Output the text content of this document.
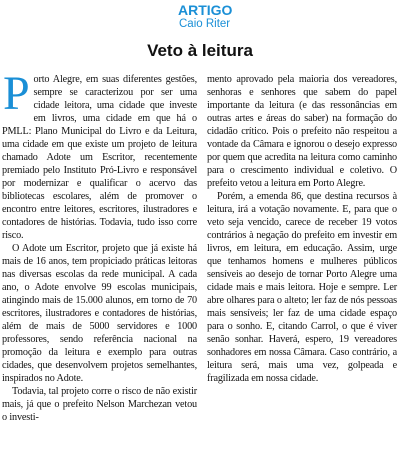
ARTIGO
Caio Riter
Veto à leitura

Porto Alegre, em suas diferentes gestões, sempre se caracterizou por ser uma cidade leitora, uma cidade que investe em livros, uma cidade em que há o PMLL: Plano Municipal do Livro e da Leitura, uma cidade em que existe um projeto de leitura chamado Adote um Escritor, recentemente premiado pelo Instituto Pró-Livro e responsável por modernizar e qualificar o acervo das bibliotecas escolares, além de promover o encontro entre leitores, escritores, ilustradores e contadores de histórias. Todavia, tudo isso corre risco.

O Adote um Escritor, projeto que já existe há mais de 16 anos, tem propiciado práticas leitoras nas diversas escolas da rede municipal. A cada ano, o Adote envolve 99 escolas municipais, atingindo mais de 15.000 alunos, em torno de 70 escritores, ilustradores e contadores de histórias, além de mais de 5000 servidores e 1000 professores, sendo referência nacional na promoção da leitura e exemplo para outras cidades, que desenvolvem projetos semelhantes, inspirados no Adote.

Todavia, tal projeto corre o risco de não existir mais, já que o prefeito Nelson Marchezan vetou o investi-

mento aprovado pela maioria dos vereadores, senhoras e senhores que sabem do papel importante da leitura (e das ressonâncias em outras artes e áreas do saber) na formação do cidadão crítico. Pois o prefeito não respeitou a vontade da Câmara e ignorou o desejo expresso por quem que acredita na leitura como caminho para o crescimento individual e coletivo. O prefeito vetou a leitura em Porto Alegre.

Porém, a emenda 86, que destina recursos à leitura, irá a votação novamente. E, para que o veto seja vencido, carece de receber 19 votos contrários à negação do prefeito em investir em livros, em leitura, em educação. Assim, urge que tenhamos homens e mulheres públicos sensíveis ao desejo de tornar Porto Alegre uma cidade mais e mais leitora. Hoje e sempre. Ler abre olhares para o alteto; ler faz de nós pessoas mais sensíveis; ler faz de uma cidade espaço para o sonho. E, citando Carrol, o que é viver senão sonhar. Haverá, espero, 19 vereadores sonhadores em nossa Câmara. Caso contrário, a leitura será, mais uma vez, golpeada e fragilizada em nossa cidade.
